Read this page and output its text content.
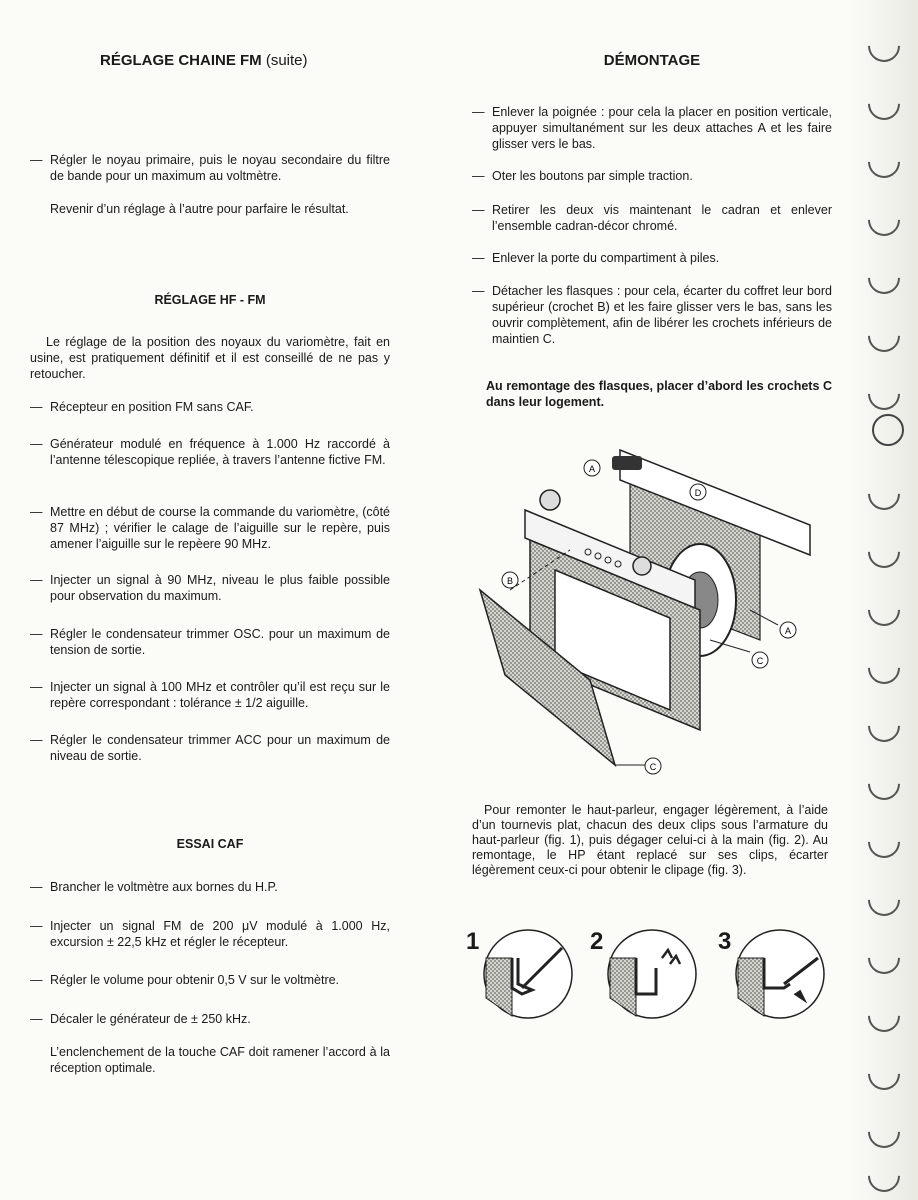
RÉGLAGE CHAINE FM (suite)
— Régler le noyau primaire, puis le noyau secondaire du filtre de bande pour un maximum au voltmètre.
Revenir d’un réglage à l’autre pour parfaire le résultat.
RÉGLAGE HF - FM
Le réglage de la position des noyaux du variomètre, fait en usine, est pratiquement définitif et il est conseillé de ne pas y retoucher.
— Récepteur en position FM sans CAF.
— Générateur modulé en fréquence à 1.000 Hz raccordé à l’antenne télescopique repliée, à travers l’antenne fictive FM.
— Mettre en début de course la commande du variomètre, (côté 87 MHz) ; vérifier le calage de l’aiguille sur le repère, puis amener l’aiguille sur le repèere 90 MHz.
— Injecter un signal à 90 MHz, niveau le plus faible possible pour observation du maximum.
— Régler le condensateur trimmer OSC. pour un maximum de tension de sortie.
— Injecter un signal à 100 MHz et contrôler qu’il est reçu sur le repère correspondant : tolérance ± 1/2 aiguille.
— Régler le condensateur trimmer ACC pour un maximum de niveau de sortie.
ESSAI CAF
— Brancher le voltmètre aux bornes du H.P.
— Injecter un signal FM de 200 μV modulé à 1.000 Hz, excursion ± 22,5 kHz et régler le récepteur.
— Régler le volume pour obtenir 0,5 V sur le voltmètre.
— Décaler le générateur de ± 250 kHz.
L’enclenchement de la touche CAF doit ramener l’accord à la réception optimale.
DÉMONTAGE
— Enlever la poignée : pour cela la placer en position verticale, appuyer simultanément sur les deux attaches A et les faire glisser vers le bas.
— Oter les boutons par simple traction.
— Retirer les deux vis maintenant le cadran et enlever l’ensemble cadran-décor chromé.
— Enlever la porte du compartiment à piles.
— Détacher les flasques : pour cela, écarter du coffret leur bord supérieur (crochet B) et les faire glisser vers le bas, sans les ouvrir complètement, afin de libérer les crochets inférieurs de maintien C.
Au remontage des flasques, placer d’abord les crochets C dans leur logement.
A
D
B
A
C
C
Pour remonter le haut-parleur, engager légèrement, à l’aide d’un tournevis plat, chacun des deux clips sous l’armature du haut-parleur (fig. 1), puis dégager celui-ci à la main (fig. 2). Au remontage, le HP étant replacé sur ses clips, écarter légèrement ceux-ci pour obtenir le clipage (fig. 3).
1	2	3
